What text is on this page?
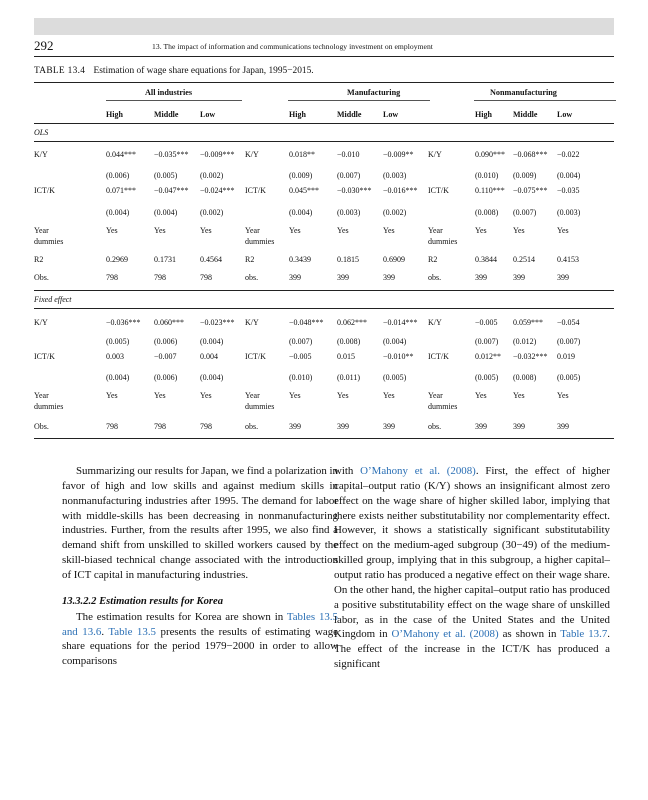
292	13. The impact of information and communications technology investment on employment
TABLE 13.4 Estimation of wage share equations for Japan, 1995−2015.
All industries	Manufacturing	Nonmanufacturing
High	Middle	Low	High	Middle	Low	High	Middle Low
OLS
K/Y	0.044*** −0.035*** −0.009*** K/Y	0.018**	−0.010	−0.009** K/Y	0.090*** −0.068*** −0.022
(0.006)	(0.005)	(0.002)	(0.009)	(0.007)	(0.003)	(0.010) (0.009)	(0.004)
ICT/K	0.071*** −0.047*** −0.024*** ICT/K	0.045*** −0.030*** −0.016*** ICT/K	0.110*** −0.075*** −0.035
(0.004)	(0.004)	(0.002)	(0.004)	(0.003)	(0.002)	(0.008) (0.007)	(0.003)
Year	Yes	Yes	Yes	Year	Yes	Yes	Yes	Year	Yes	Yes	Yes
dummies	dummies	dummies
R2	0.2969	0.1731	0.4564	R2	0.3439	0.1815	0.6909	R2	0.3844 0.2514	0.4153
Obs.	798	798	798	obs.	399	399	399	obs.	399	399	399
Fixed effect
K/Y	−0.036*** 0.060*** −0.023*** K/Y	−0.048*** 0.062*** −0.014*** K/Y	−0.005 0.059*** −0.054
(0.005)	(0.006)	(0.004)	(0.007)	(0.008)	(0.004)	(0.007) (0.012)	(0.007)
ICT/K	0.003	−0.007	0.004	ICT/K	−0.005	0.015	−0.010** ICT/K	0.012** −0.032*** 0.019
(0.004)	(0.006)	(0.004)	(0.010)	(0.011)	(0.005)	(0.005) (0.008)	(0.005)
Year	Yes	Yes	Yes	Year	Yes	Yes	Yes	Year	Yes	Yes	Yes
dummies	dummies	dummies
Obs.	798	798	798	obs.	399	399	399	obs.	399	399	399

Summarizing our results for Japan, we find a polarization in favor of high and low skills and against medium skills in nonmanufacturing industries after 1995. The demand for labor with middle-skills has been decreasing in nonmanufacturing industries. Further, from the results after 1995, we also find a demand shift from unskilled to skilled workers caused by the skill-biased technical change associated with the introduction of ICT capital in manufacturing industries.

13.3.2.2 Estimation results for Korea

The estimation results for Korea are shown in Tables 13.5 and 13.6. Table 13.5 presents the results of estimating wage share equations for the period 1979−2000 in order to allow comparisons

with O’Mahony et al. (2008). First, the effect of higher capital–output ratio (K/Y) shows an insignificant almost zero effect on the wage share of higher skilled labor, implying that there exists neither substitutability nor complementarity effect. However, it shows a statistically significant substitutability effect on the medium-aged subgroup (30−49) of the medium-skilled group, implying that in this subgroup, a higher capital–output ratio has produced a negative effect on their wage share. On the other hand, the higher capital–output ratio has produced a positive substitutability effect on the wage share of unskilled labor, as in the case of the United States and the United Kingdom in O’Mahony et al. (2008) as shown in Table 13.7. The effect of the increase in the ICT/K has produced a significant
